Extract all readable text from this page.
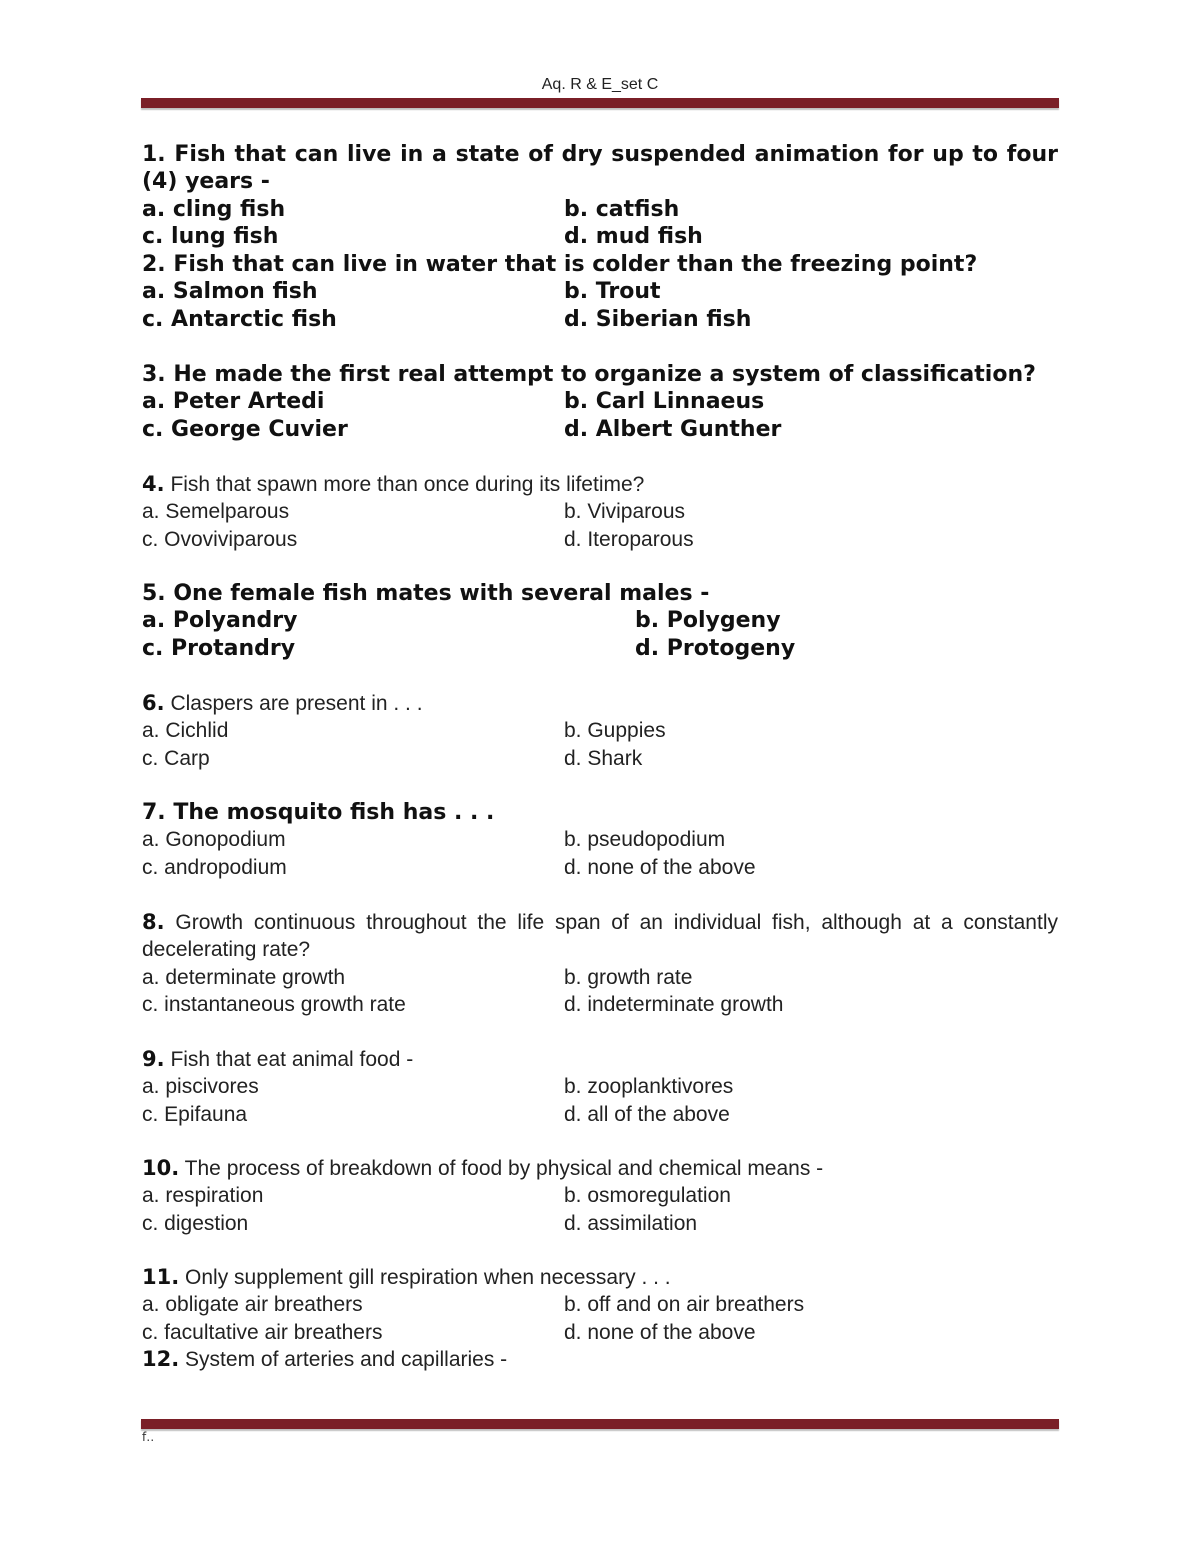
Aq. R & E_set C
1. Fish that can live in a state of dry suspended animation for up to four (4) years -
a. cling fish	b. catfish
c. lung fish	d. mud fish
2. Fish that can live in water that is colder than the freezing point?
a. Salmon fish	b. Trout
c. Antarctic fish	d. Siberian fish
3. He made the first real attempt to organize a system of classification?
a. Peter Artedi	b. Carl Linnaeus
c. George Cuvier	d. Albert Gunther
4. Fish that spawn more than once during its lifetime?
a. Semelparous	b. Viviparous
c. Ovoviviparous	d. Iteroparous
5. One female fish mates with several males -
a. Polyandry	b. Polygeny
c. Protandry	d. Protogeny
6. Claspers are present in . . .
a. Cichlid	b. Guppies
c. Carp	d. Shark
7. The mosquito fish has . . .
a. Gonopodium	b. pseudopodium
c. andropodium	d. none of the above
8. Growth continuous throughout the life span of an individual fish, although at a constantly decelerating rate?
a. determinate growth	b. growth rate
c. instantaneous growth rate	d. indeterminate growth
9. Fish that eat animal food -
a. piscivores	b. zooplanktivores
c. Epifauna	d. all of the above
10. The process of breakdown of food by physical and chemical means -
a. respiration	b. osmoregulation
c. digestion	d. assimilation
11. Only supplement gill respiration when necessary . . .
a. obligate air breathers	b. off and on air breathers
c. facultative air breathers	d. none of the above
12. System of arteries and capillaries -
f‥
